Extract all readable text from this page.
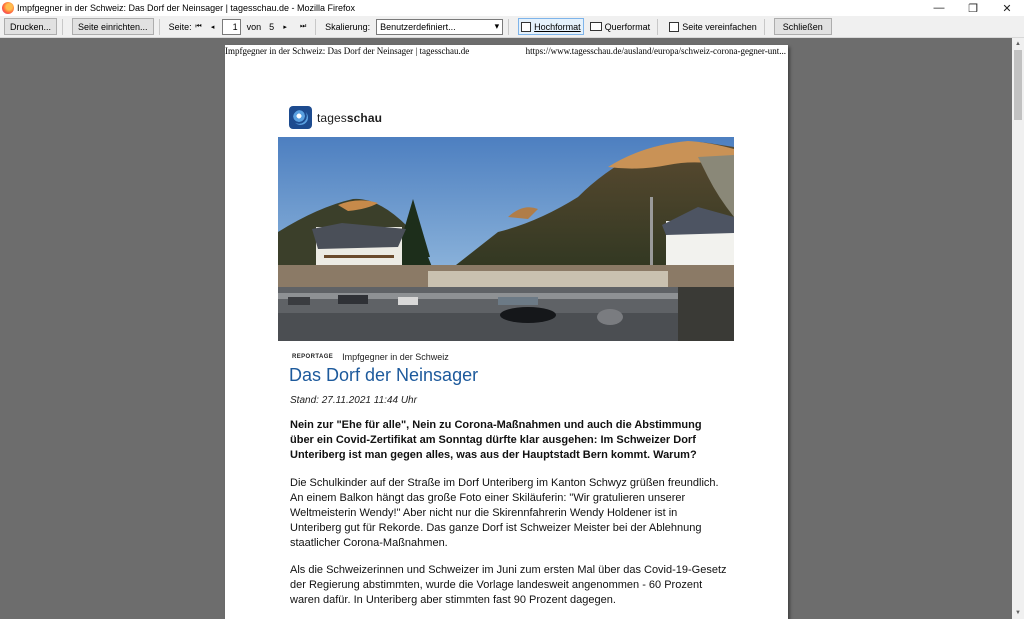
Impfgegner in der Schweiz: Das Dorf der Neinsager | tagesschau.de - Mozilla Firefox	—	❐	✕
Drucken...	Seite einrichten...	Seite: ⏮	◂	1	von 5	▸	⏭	Skalierung: Benutzerdefiniert...	▾	Hochformat	Querformat	Seite vereinfachen	Schließen
Impfgegner in der Schweiz: Das Dorf der Neinsager | tagesschau.de	https://www.tagesschau.de/ausland/europa/schweiz-corona-gegner-unt...
tagesschau
REPORTAGE Impfgegner in der Schweiz
Das Dorf der Neinsager
Stand: 27.11.2021 11:44 Uhr
Nein zur "Ehe für alle", Nein zu Corona-Maßnahmen und auch die Abstimmung über ein Covid-Zertifikat am Sonntag dürfte klar ausgehen: Im Schweizer Dorf Unteriberg ist man gegen alles, was aus der Hauptstadt Bern kommt. Warum?
Die Schulkinder auf der Straße im Dorf Unteriberg im Kanton Schwyz grüßen freundlich. An einem Balkon hängt das große Foto einer Skiläuferin: "Wir gratulieren unserer Weltmeisterin Wendy!" Aber nicht nur die Skirennfahrerin Wendy Holdener ist in Unteriberg gut für Rekorde. Das ganze Dorf ist Schweizer Meister bei der Ablehnung staatlicher Corona-Maßnahmen.
Als die Schweizerinnen und Schweizer im Juni zum ersten Mal über das Covid-19-Gesetz der Regierung abstimmten, wurde die Vorlage landesweit angenommen - 60 Prozent waren dafür. In Unteriberg aber stimmten fast 90 Prozent dagegen.
▲
▼
